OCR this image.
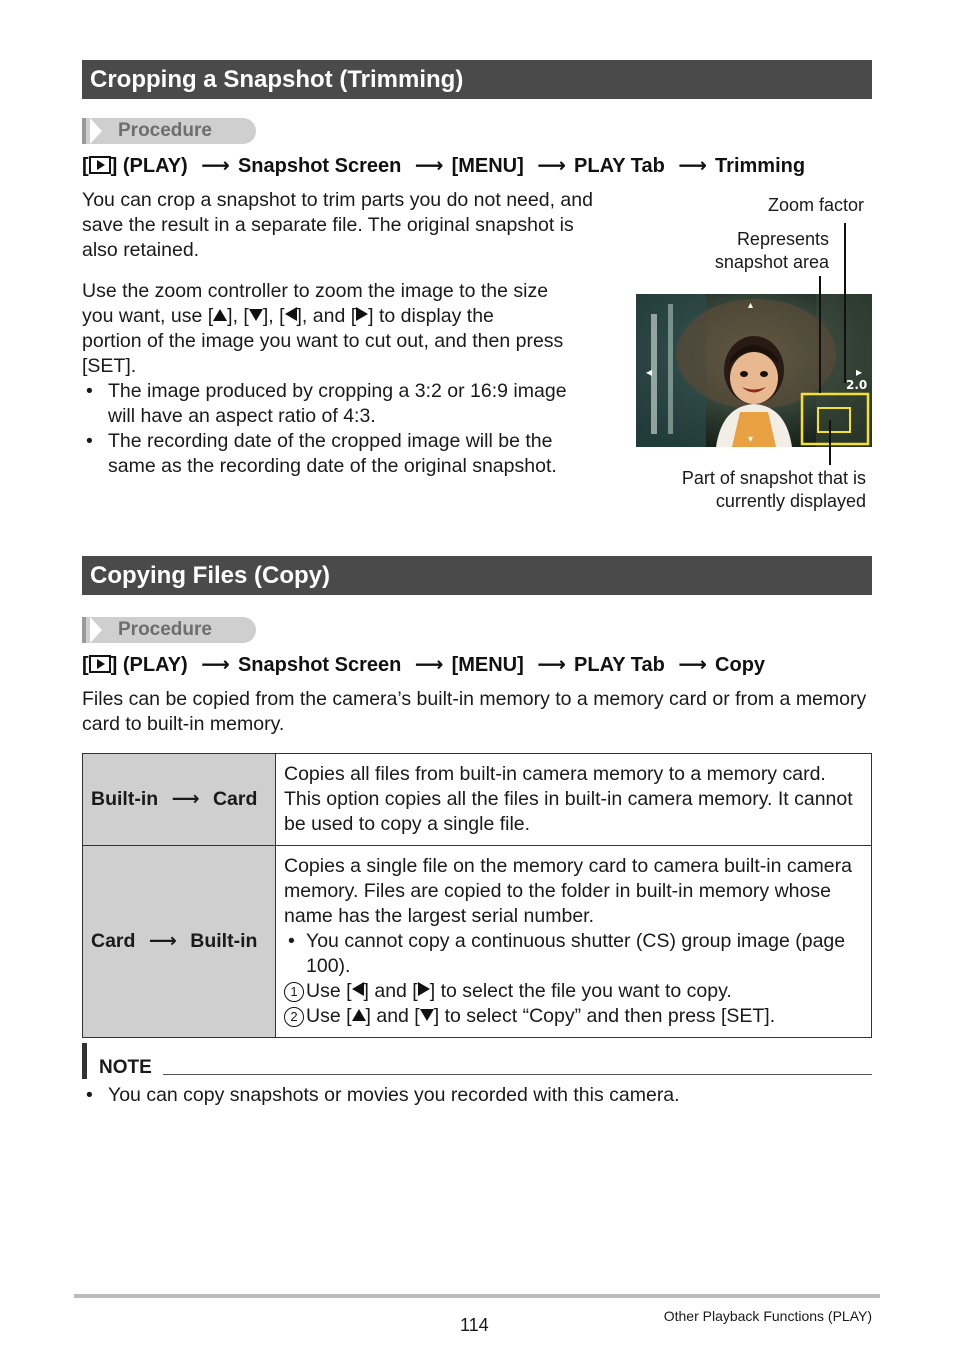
Cropping a Snapshot (Trimming)
Procedure
[ ] (PLAY) ⟶ Snapshot Screen ⟶ [MENU] ⟶ PLAY Tab ⟶ Trimming
You can crop a snapshot to trim parts you do not need, and save the result in a separate file. The original snapshot is also retained.
Use the zoom controller to zoom the image to the size
you want, use [ ], [ ], [ ], and [ ] to display the
portion of the image you want to cut out, and then press
[SET].
• The image produced by cropping a 3:2 or 16:9 image
will have an aspect ratio of 4:3.
• The recording date of the cropped image will be the
same as the recording date of the original snapshot.
Zoom factor
Represents
snapshot area
Part of snapshot that is
currently displayed
◂	▸
▴
▾
2.0
Copying Files (Copy)
Procedure
[ ] (PLAY) ⟶ Snapshot Screen ⟶ [MENU] ⟶ PLAY Tab ⟶ Copy
Files can be copied from the camera’s built-in memory to a memory card or from a memory card to built-in memory.
Built-in ⟶ Card	Copies all files from built-in camera memory to a memory card. This option copies all the files in built-in camera memory. It cannot be used to copy a single file.
Card ⟶ Built-in	Copies a single file on the memory card to camera built-in camera memory. Files are copied to the folder in built-in memory whose name has the largest serial number.
• You cannot copy a continuous shutter (CS) group image (page 100).
1 Use [ ] and [ ] to select the file you want to copy.
2 Use [ ] and [ ] to select “Copy” and then press [SET].
NOTE
• You can copy snapshots or movies you recorded with this camera.
114	Other Playback Functions (PLAY)
